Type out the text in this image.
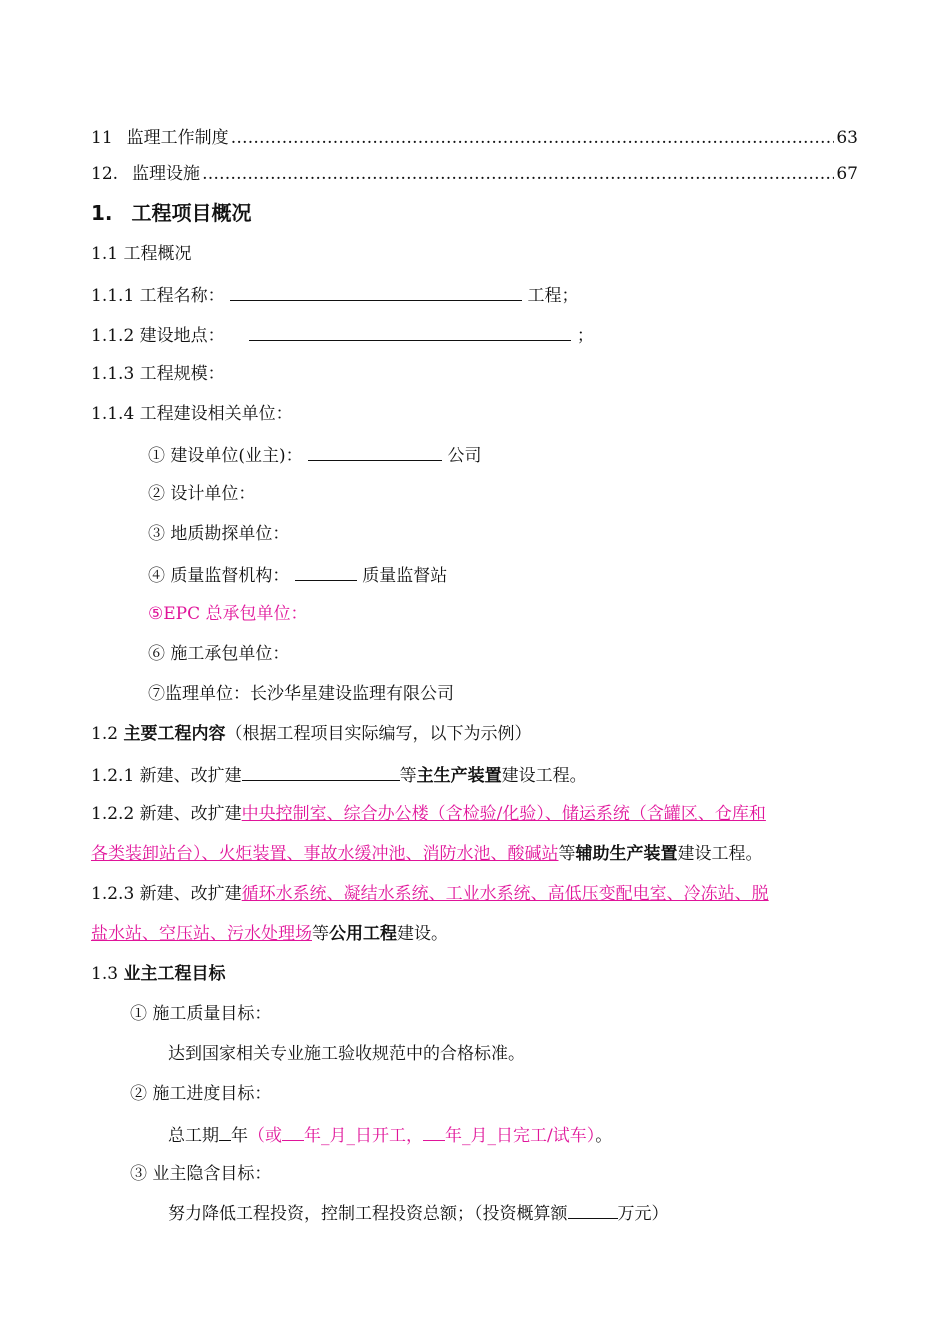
11 监理工作制度 …………………………………………………………………………………………………………………………………………………………	63
12. 监理设施 …………………………………………………………………………………………………………………………………………………………	67
1. 工程项目概况
1.1 工程概况
1.1.1 工程名称：	工程；
1.1.2 建设地点：	；
1.1.3 工程规模：
1.1.4 工程建设相关单位：
① 建设单位(业主)：	公司
② 设计单位：
③ 地质勘探单位：
④ 质量监督机构：	质量监督站
⑤EPC 总承包单位：
⑥ 施工承包单位：
⑦监理单位：长沙华星建设监理有限公司
1.2 主要工程内容（根据工程项目实际编写，以下为示例）
1.2.1 新建、改扩建	等主生产装置建设工程。
1.2.2 新建、改扩建中央控制室、综合办公楼（含检验/化验）、储运系统（含罐区、仓库和
各类装卸站台）、火炬装置、事故水缓冲池、消防水池、酸碱站等辅助生产装置建设工程。
1.2.3 新建、改扩建循环水系统、凝结水系统、工业水系统、高低压变配电室、冷冻站、脱
盐水站、空压站、污水处理场等公用工程建设。
1.3 业主工程目标
① 施工质量目标：
达到国家相关专业施工验收规范中的合格标准。
② 施工进度目标：
总工期 年（或 年_月_日开工， 年_月_日完工/试车）。
③ 业主隐含目标：
努力降低工程投资，控制工程投资总额；（投资概算额	万元）
